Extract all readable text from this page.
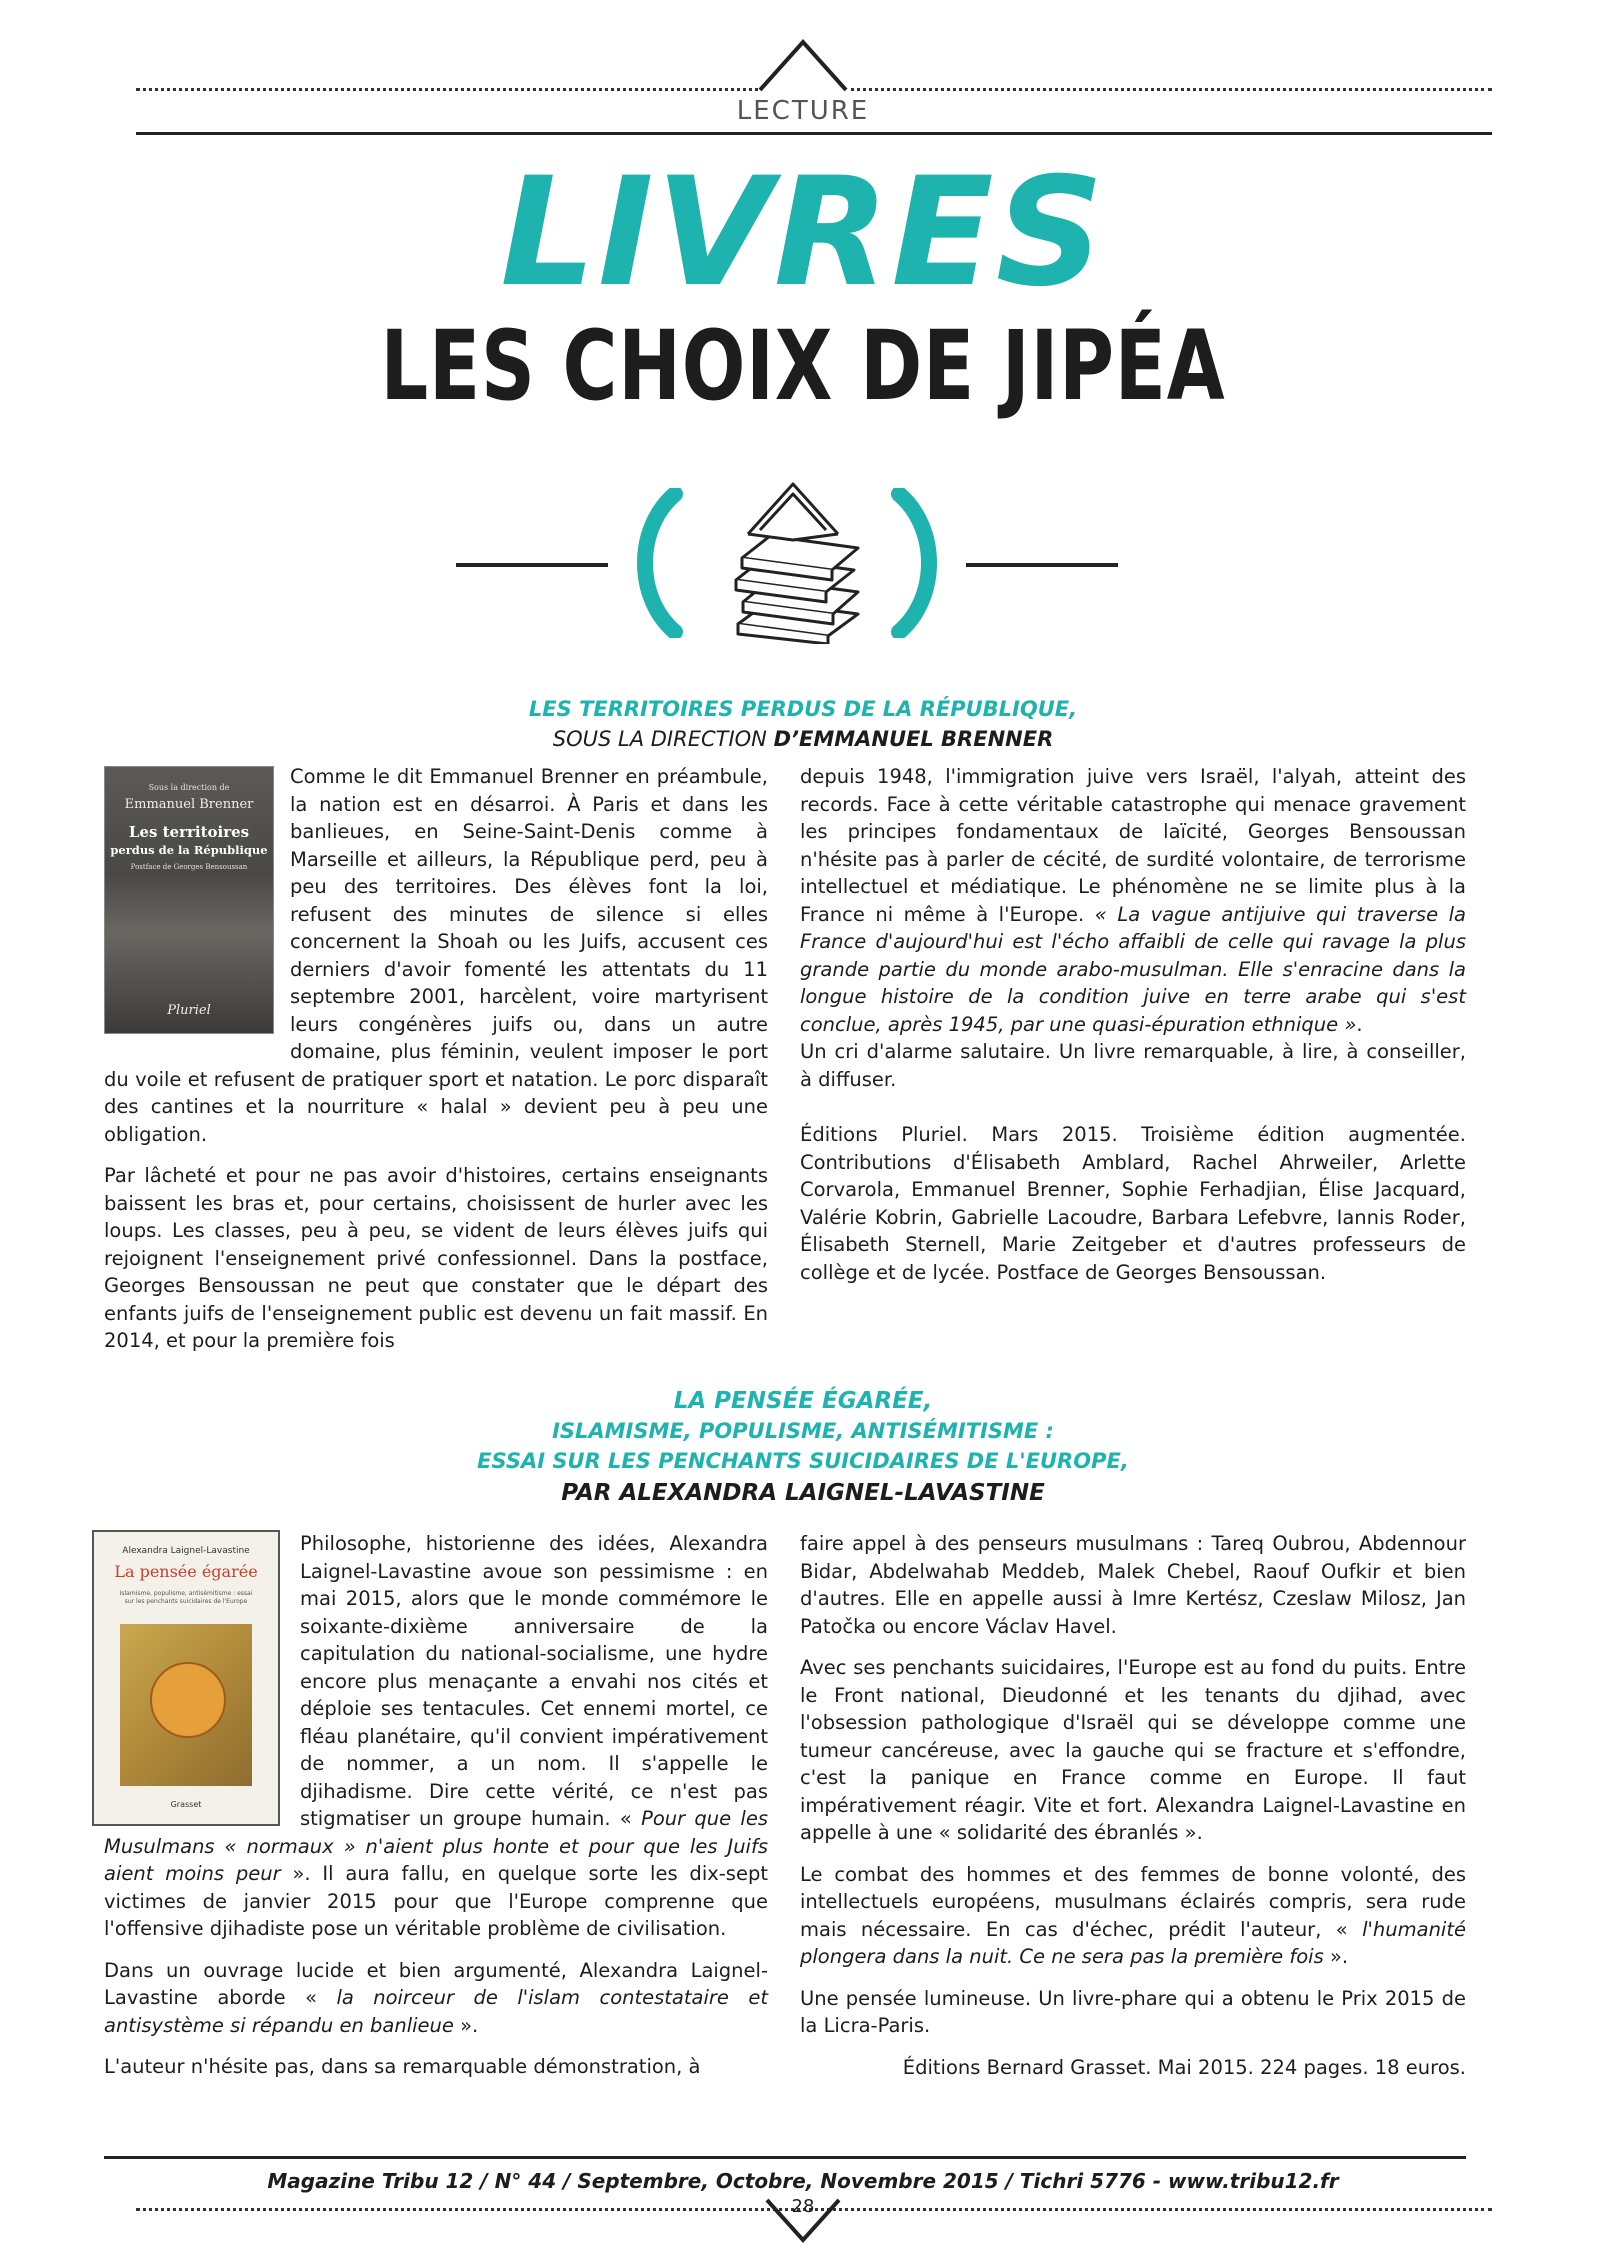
LECTURE
LIVRES
LES CHOIX DE JIPÉA
LES TERRITOIRES PERDUS DE LA RÉPUBLIQUE,
SOUS LA DIRECTION D’EMMANUEL BRENNER
Sous la direction de
Emmanuel Brenner
Les territoires
perdus de la République
Postface de Georges Bensoussan
Pluriel

Comme le dit Emmanuel Brenner en préambule, la nation est en désarroi. À Paris et dans les banlieues, en Seine-Saint-Denis comme à Marseille et ailleurs, la République perd, peu à peu des territoires. Des élèves font la loi, refusent des minutes de silence si elles concernent la Shoah ou les Juifs, accusent ces derniers d'avoir fomenté les attentats du 11 septembre 2001, harcèlent, voire martyrisent leurs congénères juifs ou, dans un autre domaine, plus féminin, veulent imposer le port du voile et refusent de pratiquer sport et natation. Le porc disparaît des cantines et la nourriture « halal » devient peu à peu une obligation.

Par lâcheté et pour ne pas avoir d'histoires, certains enseignants baissent les bras et, pour certains, choisissent de hurler avec les loups. Les classes, peu à peu, se vident de leurs élèves juifs qui rejoignent l'enseignement privé confessionnel. Dans la postface, Georges Bensoussan ne peut que constater que le départ des enfants juifs de l'enseignement public est devenu un fait massif. En 2014, et pour la première fois

depuis 1948, l'immigration juive vers Israël, l'alyah, atteint des records. Face à cette véritable catastrophe qui menace gravement les principes fondamentaux de laïcité, Georges Bensoussan n'hésite pas à parler de cécité, de surdité volontaire, de terrorisme intellectuel et médiatique. Le phénomène ne se limite plus à la France ni même à l'Europe. « La vague antijuive qui traverse la France d'aujourd'hui est l'écho affaibli de celle qui ravage la plus grande partie du monde arabo-musulman. Elle s'enracine dans la longue histoire de la condition juive en terre arabe qui s'est conclue, après 1945, par une quasi-épuration ethnique ».
Un cri d'alarme salutaire. Un livre remarquable, à lire, à conseiller, à diffuser.

Éditions Pluriel. Mars 2015. Troisième édition augmentée. Contributions d'Élisabeth Amblard, Rachel Ahrweiler, Arlette Corvarola, Emmanuel Brenner, Sophie Ferhadjian, Élise Jacquard, Valérie Kobrin, Gabrielle Lacoudre, Barbara Lefebvre, Iannis Roder, Élisabeth Sternell, Marie Zeitgeber et d'autres professeurs de collège et de lycée. Postface de Georges Bensoussan.

LA PENSÉE ÉGARÉE,
ISLAMISME, POPULISME, ANTISÉMITISME :
ESSAI SUR LES PENCHANTS SUICIDAIRES DE L'EUROPE,
PAR ALEXANDRA LAIGNEL-LAVASTINE
Alexandra Laignel-Lavastine
La pensée égarée
Islamisme, populisme, antisémitisme : essai sur les penchants suicidaires de l'Europe
Grasset

Philosophe, historienne des idées, Alexandra Laignel-Lavastine avoue son pessimisme : en mai 2015, alors que le monde commémore le soixante-dixième anniversaire de la capitulation du national-socialisme, une hydre encore plus menaçante a envahi nos cités et déploie ses tentacules. Cet ennemi mortel, ce fléau planétaire, qu'il convient impérativement de nommer, a un nom. Il s'appelle le djihadisme. Dire cette vérité, ce n'est pas stigmatiser un groupe humain. « Pour que les Musulmans « normaux » n'aient plus honte et pour que les Juifs aient moins peur ». Il aura fallu, en quelque sorte les dix-sept victimes de janvier 2015 pour que l'Europe comprenne que l'offensive djihadiste pose un véritable problème de civilisation.

Dans un ouvrage lucide et bien argumenté, Alexandra Laignel-Lavastine aborde « la noirceur de l'islam contestataire et antisystème si répandu en banlieue ».

L'auteur n'hésite pas, dans sa remarquable démonstration, à

faire appel à des penseurs musulmans : Tareq Oubrou, Abdennour Bidar, Abdelwahab Meddeb, Malek Chebel, Raouf Oufkir et bien d'autres. Elle en appelle aussi à Imre Kertész, Czeslaw Milosz, Jan Patočka ou encore Václav Havel.

Avec ses penchants suicidaires, l'Europe est au fond du puits. Entre le Front national, Dieudonné et les tenants du djihad, avec l'obsession pathologique d'Israël qui se développe comme une tumeur cancéreuse, avec la gauche qui se fracture et s'effondre, c'est la panique en France comme en Europe. Il faut impérativement réagir. Vite et fort. Alexandra Laignel-Lavastine en appelle à une « solidarité des ébranlés ».

Le combat des hommes et des femmes de bonne volonté, des intellectuels européens, musulmans éclairés compris, sera rude mais nécessaire. En cas d'échec, prédit l'auteur, « l'humanité plongera dans la nuit. Ce ne sera pas la première fois ».

Une pensée lumineuse. Un livre-phare qui a obtenu le Prix 2015 de la Licra-Paris.

Éditions Bernard Grasset. Mai 2015. 224 pages. 18 euros.

Magazine Tribu 12 / N° 44 / Septembre, Octobre, Novembre 2015 / Tichri 5776 - www.tribu12.fr
28
